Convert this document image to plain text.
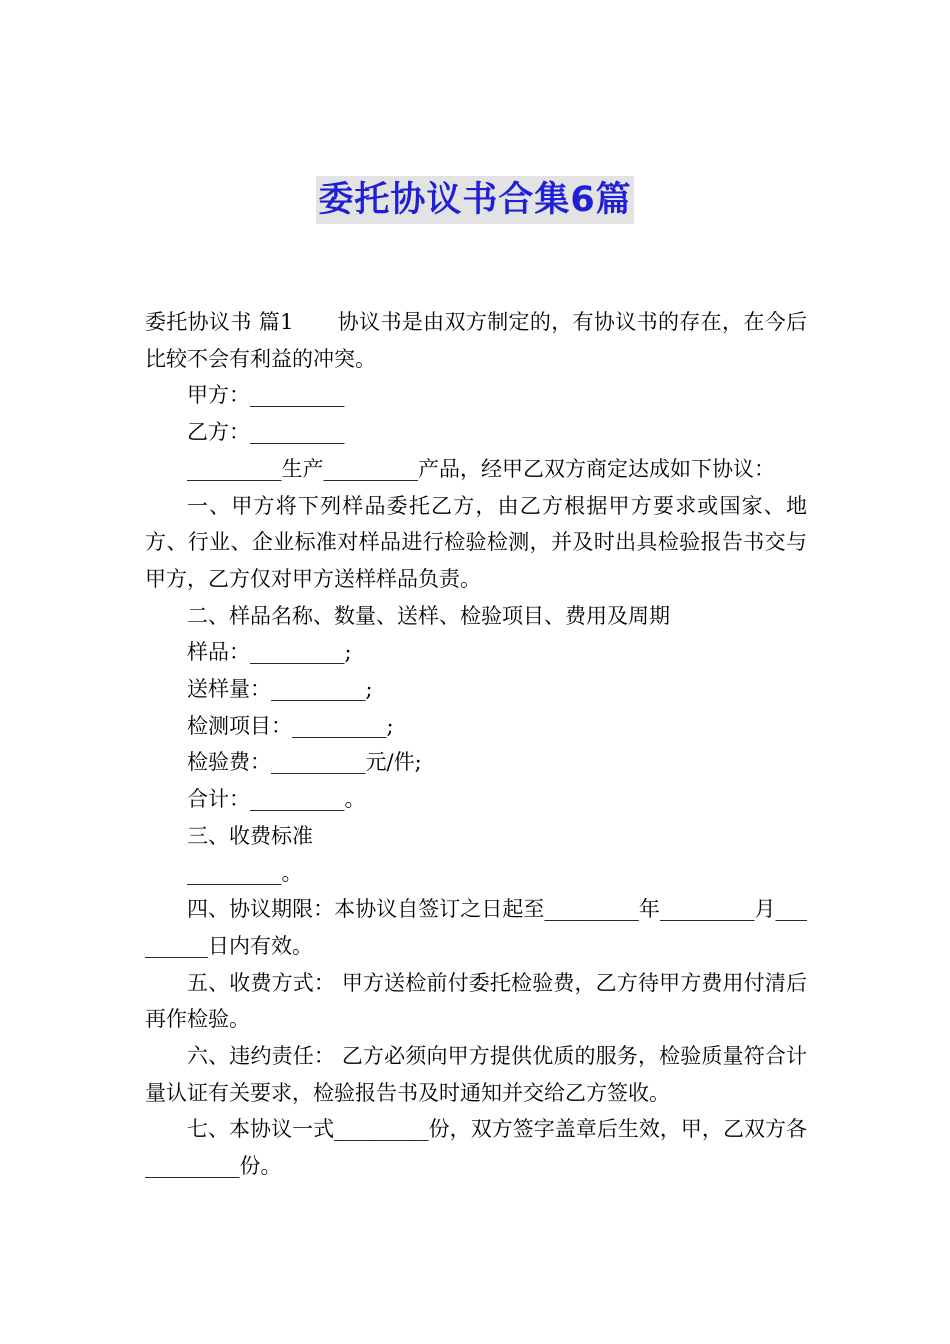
委托协议书合集6篇

委托协议书 篇1 协议书是由双方制定的，有协议书的存在，在今后比较不会有利益的冲突。

甲方：_________

乙方：_________

_________生产_________产品，经甲乙双方商定达成如下协议：

一、甲方将下列样品委托乙方，由乙方根据甲方要求或国家、地方、行业、企业标准对样品进行检验检测，并及时出具检验报告书交与甲方，乙方仅对甲方送样样品负责。

二、样品名称、数量、送样、检验项目、费用及周期

样品：_________;

送样量：_________;

检测项目：_________;

检验费：_________元/件;

合计：_________。

三、收费标准

_________。

四、协议期限：本协议自签订之日起至_________年_________月_________日内有效。

五、收费方式： 甲方送检前付委托检验费，乙方待甲方费用付清后再作检验。

六、违约责任： 乙方必须向甲方提供优质的服务，检验质量符合计量认证有关要求，检验报告书及时通知并交给乙方签收。

七、本协议一式_________份，双方签字盖章后生效，甲，乙双方各_________份。
